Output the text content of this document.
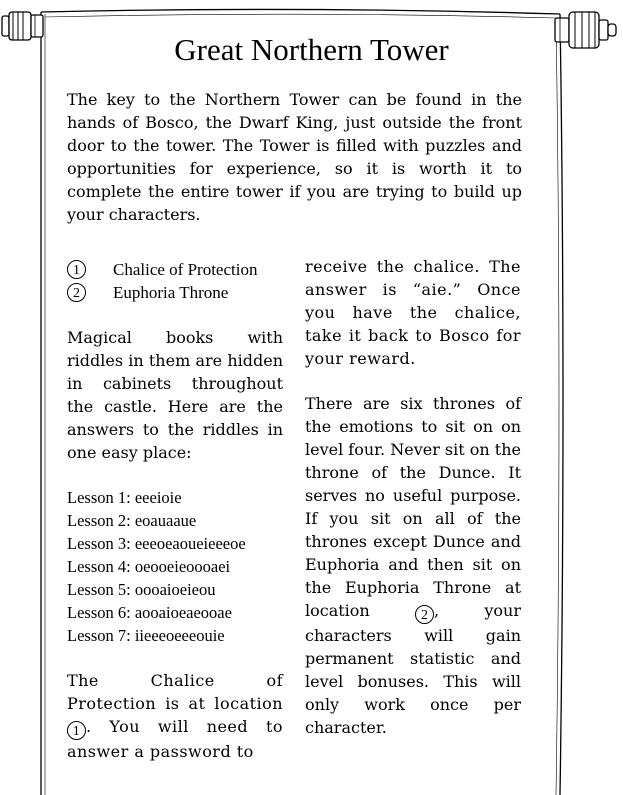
Great Northern Tower

The key to the Northern Tower can be found in the hands of Bosco, the Dwarf King, just outside the front door to the tower. The Tower is filled with puzzles and opportunities for experience, so it is worth it to complete the entire tower if you are trying to build up your characters.

1	Chalice of Protection
2	Euphoria Throne

Magical books with riddles in them are hidden in cabinets throughout the castle. Here are the answers to the riddles in one easy place:

Lesson 1: eeeioie
Lesson 2: eoauaaue
Lesson 3: eeeoeaoueieeeoe
Lesson 4: oeooeieoooaei
Lesson 5: oooaioeieou
Lesson 6: aooaioeaeooae
Lesson 7: iieeeoeeeouie

The Chalice of Protection is at location 1 . You will need to answer a password to

receive the chalice. The answer is “aie.” Once you have the chalice, take it back to Bosco for your reward.

There are six thrones of the emotions to sit on on level four. Never sit on the throne of the Dunce. It serves no useful purpose. If you sit on all of the thrones except Dunce and Euphoria and then sit on the Euphoria Throne at location	2 , your characters will gain permanent statistic and level bonuses. This will only work once per character.
